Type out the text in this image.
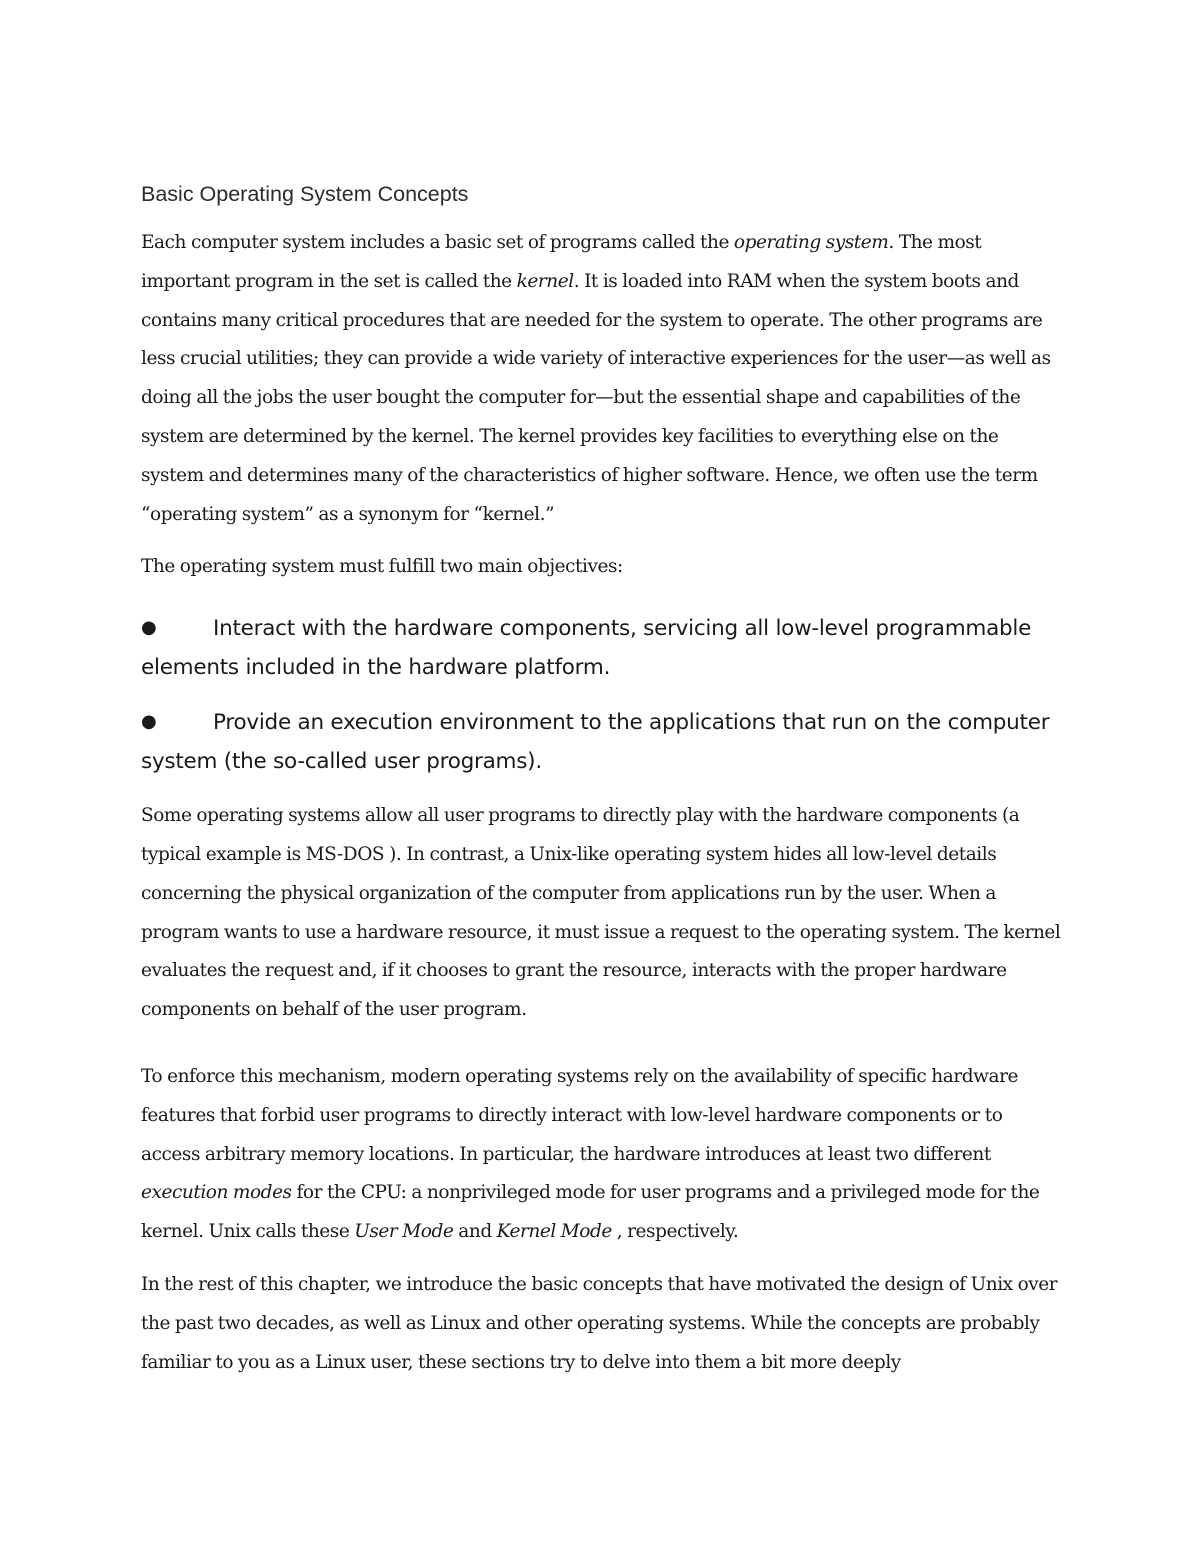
Basic Operating System Concepts

Each computer system includes a basic set of programs called the operating system. The most important program in the set is called the kernel. It is loaded into RAM when the system boots and contains many critical procedures that are needed for the system to operate. The other programs are less crucial utilities; they can provide a wide variety of interactive experiences for the user—as well as doing all the jobs the user bought the computer for—but the essential shape and capabilities of the system are determined by the kernel. The kernel provides key facilities to everything else on the system and determines many of the characteristics of higher software. Hence, we often use the term “operating system” as a synonym for “kernel.”

The operating system must fulfill two main objectives:

●	Interact with the hardware components, servicing all low-level programmable elements included in the hardware platform.
●	Provide an execution environment to the applications that run on the computer system (the so-called user programs).

Some operating systems allow all user programs to directly play with the hardware components (a typical example is MS-DOS ). In contrast, a Unix-like operating system hides all low-level details concerning the physical organization of the computer from applications run by the user. When a program wants to use a hardware resource, it must issue a request to the operating system. The kernel evaluates the request and, if it chooses to grant the resource, interacts with the proper hardware components on behalf of the user program.

To enforce this mechanism, modern operating systems rely on the availability of specific hardware features that forbid user programs to directly interact with low-level hardware components or to access arbitrary memory locations. In particular, the hardware introduces at least two different execution modes for the CPU: a nonprivileged mode for user programs and a privileged mode for the kernel. Unix calls these User Mode and Kernel Mode , respectively.

In the rest of this chapter, we introduce the basic concepts that have motivated the design of Unix over the past two decades, as well as Linux and other operating systems. While the concepts are probably familiar to you as a Linux user, these sections try to delve into them a bit more deeply
